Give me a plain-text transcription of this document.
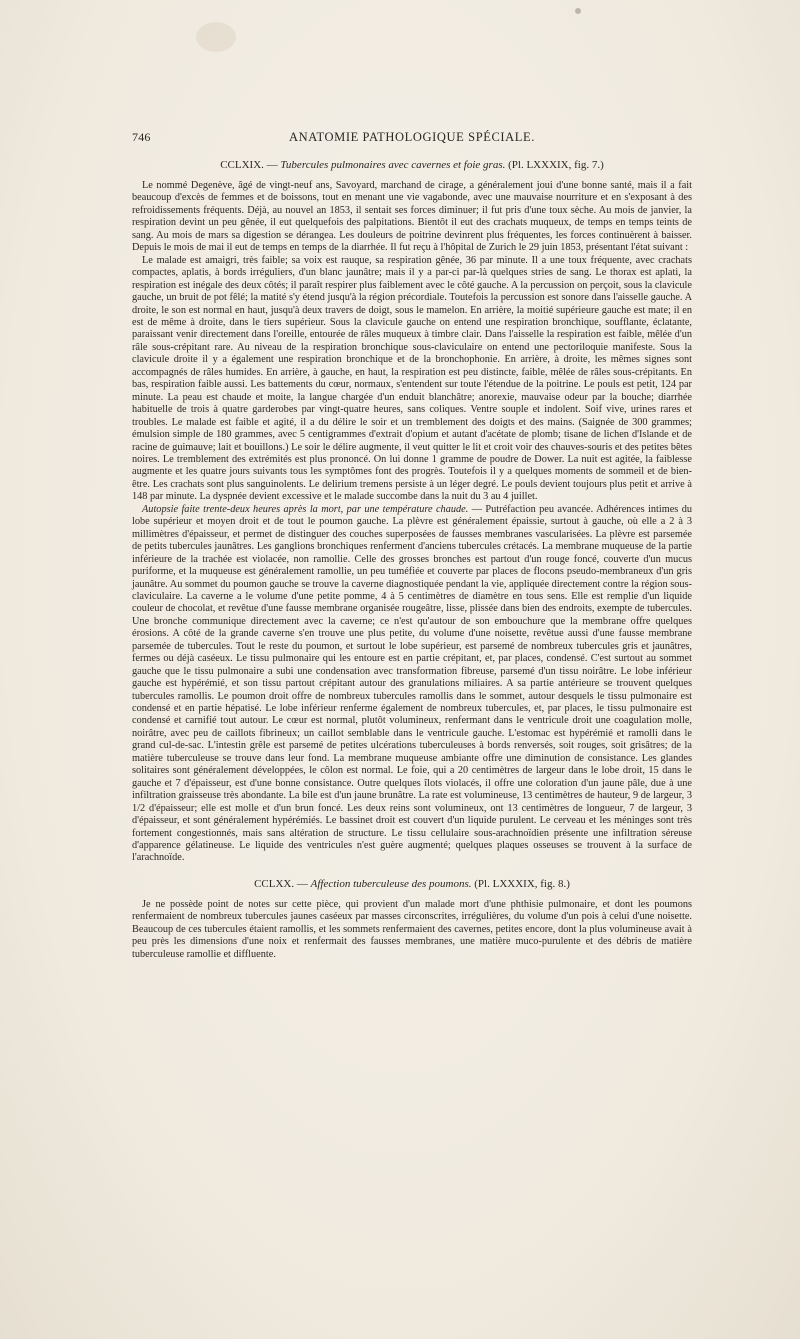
746	ANATOMIE PATHOLOGIQUE SPÉCIALE.
CCLXIX. — Tubercules pulmonaires avec cavernes et foie gras. (Pl. LXXXIX, fig. 7.)

Le nommé Degenève, âgé de vingt-neuf ans, Savoyard, marchand de cirage, a généralement joui d'une bonne santé, mais il a fait beaucoup d'excès de femmes et de boissons, tout en menant une vie vagabonde, avec une mauvaise nourriture et en s'exposant à des refroidissements fréquents. Déjà, au nouvel an 1853, il sentait ses forces diminuer; il fut pris d'une toux sèche. Au mois de janvier, la respiration devint un peu gênée, il eut quelquefois des palpitations. Bientôt il eut des crachats muqueux, de temps en temps teints de sang. Au mois de mars sa digestion se dérangea. Les douleurs de poitrine devinrent plus fréquentes, les forces continuèrent à baisser. Depuis le mois de mai il eut de temps en temps de la diarrhée. Il fut reçu à l'hôpital de Zurich le 29 juin 1853, présentant l'état suivant :

Le malade est amaigri, très faible; sa voix est rauque, sa respiration gênée, 36 par minute. Il a une toux fréquente, avec crachats compactes, aplatis, à bords irréguliers, d'un blanc jaunâtre; mais il y a par-ci par-là quelques stries de sang. Le thorax est aplati, la respiration est inégale des deux côtés; il paraît respirer plus faiblement avec le côté gauche. A la percussion on perçoit, sous la clavicule gauche, un bruit de pot fêlé; la matité s'y étend jusqu'à la région précordiale. Toutefois la percussion est sonore dans l'aisselle gauche. A droite, le son est normal en haut, jusqu'à deux travers de doigt, sous le mamelon. En arrière, la moitié supérieure gauche est mate; il en est de même à droite, dans le tiers supérieur. Sous la clavicule gauche on entend une respiration bronchique, soufflante, éclatante, paraissant venir directement dans l'oreille, entourée de râles muqueux à timbre clair. Dans l'aisselle la respiration est faible, mêlée d'un râle sous-crépitant rare. Au niveau de la respiration bronchique sous-claviculaire on entend une pectoriloquie manifeste. Sous la clavicule droite il y a également une respiration bronchique et de la bronchophonie. En arrière, à droite, les mêmes signes sont accompagnés de râles humides. En arrière, à gauche, en haut, la respiration est peu distincte, faible, mêlée de râles sous-crépitants. En bas, respiration faible aussi. Les battements du cœur, normaux, s'entendent sur toute l'étendue de la poitrine. Le pouls est petit, 124 par minute. La peau est chaude et moite, la langue chargée d'un enduit blanchâtre; anorexie, mauvaise odeur par la bouche; diarrhée habituelle de trois à quatre garderobes par vingt-quatre heures, sans coliques. Ventre souple et indolent. Soif vive, urines rares et troubles. Le malade est faible et agité, il a du délire le soir et un tremblement des doigts et des mains. (Saignée de 300 grammes; émulsion simple de 180 grammes, avec 5 centigrammes d'extrait d'opium et autant d'acétate de plomb; tisane de lichen d'Islande et de racine de guimauve; lait et bouillons.) Le soir le délire augmente, il veut quitter le lit et croit voir des chauves-souris et des petites bêtes noires. Le tremblement des extrémités est plus prononcé. On lui donne 1 gramme de poudre de Dower. La nuit est agitée, la faiblesse augmente et les quatre jours suivants tous les symptômes font des progrès. Toutefois il y a quelques moments de sommeil et de bien-être. Les crachats sont plus sanguinolents. Le delirium tremens persiste à un léger degré. Le pouls devient toujours plus petit et arrive à 148 par minute. La dyspnée devient excessive et le malade succombe dans la nuit du 3 au 4 juillet.

Autopsie faite trente-deux heures après la mort, par une température chaude. — Putréfaction peu avancée. Adhérences intimes du lobe supérieur et moyen droit et de tout le poumon gauche. La plèvre est généralement épaissie, surtout à gauche, où elle a 2 à 3 millimètres d'épaisseur, et permet de distinguer des couches superposées de fausses membranes vascularisées. La plèvre est parsemée de petits tubercules jaunâtres. Les ganglions bronchiques renferment d'anciens tubercules crétacés. La membrane muqueuse de la partie inférieure de la trachée est violacée, non ramollie. Celle des grosses bronches est partout d'un rouge foncé, couverte d'un mucus puriforme, et la muqueuse est généralement ramollie, un peu tuméfiée et couverte par places de flocons pseudo-membraneux d'un gris jaunâtre. Au sommet du poumon gauche se trouve la caverne diagnostiquée pendant la vie, appliquée directement contre la région sous-claviculaire. La caverne a le volume d'une petite pomme, 4 à 5 centimètres de diamètre en tous sens. Elle est remplie d'un liquide couleur de chocolat, et revêtue d'une fausse membrane organisée rougeâtre, lisse, plissée dans bien des endroits, exempte de tubercules. Une bronche communique directement avec la caverne; ce n'est qu'autour de son embouchure que la membrane offre quelques érosions. A côté de la grande caverne s'en trouve une plus petite, du volume d'une noisette, revêtue aussi d'une fausse membrane parsemée de tubercules. Tout le reste du poumon, et surtout le lobe supérieur, est parsemé de nombreux tubercules gris et jaunâtres, fermes ou déjà caséeux. Le tissu pulmonaire qui les entoure est en partie crépitant, et, par places, condensé. C'est surtout au sommet gauche que le tissu pulmonaire a subi une condensation avec transformation fibreuse, parsemé d'un tissu noirâtre. Le lobe inférieur gauche est hypérémié, et son tissu partout crépitant autour des granulations miliaires. A sa partie antérieure se trouvent quelques tubercules ramollis. Le poumon droit offre de nombreux tubercules ramollis dans le sommet, autour desquels le tissu pulmonaire est condensé et en partie hépatisé. Le lobe inférieur renferme également de nombreux tubercules, et, par places, le tissu pulmonaire est condensé et carnifié tout autour. Le cœur est normal, plutôt volumineux, renfermant dans le ventricule droit une coagulation molle, noirâtre, avec peu de caillots fibrineux; un caillot semblable dans le ventricule gauche. L'estomac est hypérémié et ramolli dans le grand cul-de-sac. L'intestin grêle est parsemé de petites ulcérations tuberculeuses à bords renversés, soit rouges, soit grisâtres; de la matière tuberculeuse se trouve dans leur fond. La membrane muqueuse ambiante offre une diminution de consistance. Les glandes solitaires sont généralement développées, le côlon est normal. Le foie, qui a 20 centimètres de largeur dans le lobe droit, 15 dans le gauche et 7 d'épaisseur, est d'une bonne consistance. Outre quelques îlots violacés, il offre une coloration d'un jaune pâle, due à une infiltration graisseuse très abondante. La bile est d'un jaune brunâtre. La rate est volumineuse, 13 centimètres de hauteur, 9 de largeur, 3 1/2 d'épaisseur; elle est molle et d'un brun foncé. Les deux reins sont volumineux, ont 13 centimètres de longueur, 7 de largeur, 3 d'épaisseur, et sont généralement hypérémiés. Le bassinet droit est couvert d'un liquide purulent. Le cerveau et les méninges sont très fortement congestionnés, mais sans altération de structure. Le tissu cellulaire sous-arachnoïdien présente une infiltration séreuse d'apparence gélatineuse. Le liquide des ventricules n'est guère augmenté; quelques plaques osseuses se trouvent à la surface de l'arachnoïde.

CCLXX. — Affection tuberculeuse des poumons. (Pl. LXXXIX, fig. 8.)

Je ne possède point de notes sur cette pièce, qui provient d'un malade mort d'une phthisie pulmonaire, et dont les poumons renfermaient de nombreux tubercules jaunes caséeux par masses circonscrites, irrégulières, du volume d'un pois à celui d'une noisette. Beaucoup de ces tubercules étaient ramollis, et les sommets renfermaient des cavernes, petites encore, dont la plus volumineuse avait à peu près les dimensions d'une noix et renfermait des fausses membranes, une matière muco-purulente et des débris de matière tuberculeuse ramollie et diffluente.
